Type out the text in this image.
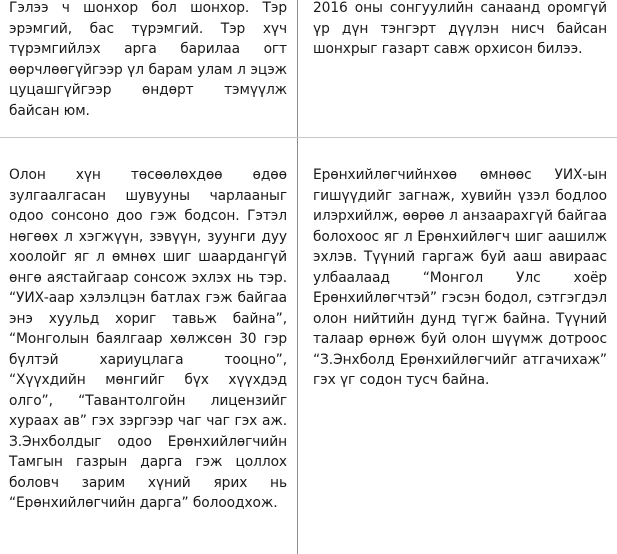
Гэлээ ч шонхор бол шонхор. Тэр эрэмгий, бас түрэмгий. Тэр хүч түрэмгийлэх арга барилаа огт өөрчлөөгүйгээр үл барам улам л эцэж цуцашгүйгээр өндөрт тэмүүлж байсан юм.
2016 оны сонгуулийн санаанд оромгүй үр дүн тэнгэрт дүүлэн нисч байсан шонхрыг газарт савж орхисон билээ.
Олон хүн төсөөлөхдөө өдөө зулгаалгасан шувууны чарлааныг одоо сонсоно доо гэж бодсон. Гэтэл нөгөөх л хэгжүүн, зэвүүн, зуунги дуу хоолойг яг л өмнөх шиг шаардангүй өнгө аястайгаар сонсож эхлэх нь тэр. “УИХ-аар хэлэлцэн батлах гэж байгаа энэ хуульд хориг тавьж байна”, “Монголын баялгаар хөлжсөн 30 гэр бүлтэй хариуцлага тооцно”, “Хүүхдийн мөнгийг бүх хүүхдэд олго”, “Тавантолгойн лицензийг хураах ав” гэх зэргээр чаг чаг гэх аж. З.Энхболдыг одоо Ерөнхийлөгчийн Тамгын газрын дарга гэж цоллох боловч зарим хүний ярих нь “Ерөнхийлөгчийн дарга” болоодхож.
Ерөнхийлөгчийнхөө өмнөөс УИХ-ын гишүүдийг загнаж, хувийн үзэл бодлоо илэрхийлж, өөрөө л анзаарахгүй байгаа болохоос яг л Ерөнхийлөгч шиг аашилж эхлэв. Түүний гаргаж буй ааш авираас улбаалаад “Монгол Улс хоёр Ерөнхийлөгчтэй” гэсэн бодол, сэтгэгдэл олон нийтийн дунд түгж байна. Түүний талаар өрнөж буй олон шүүмж дотроос “З.Энхболд Ерөнхийлөгчийг атгачихаж” гэх үг содон тусч байна.
